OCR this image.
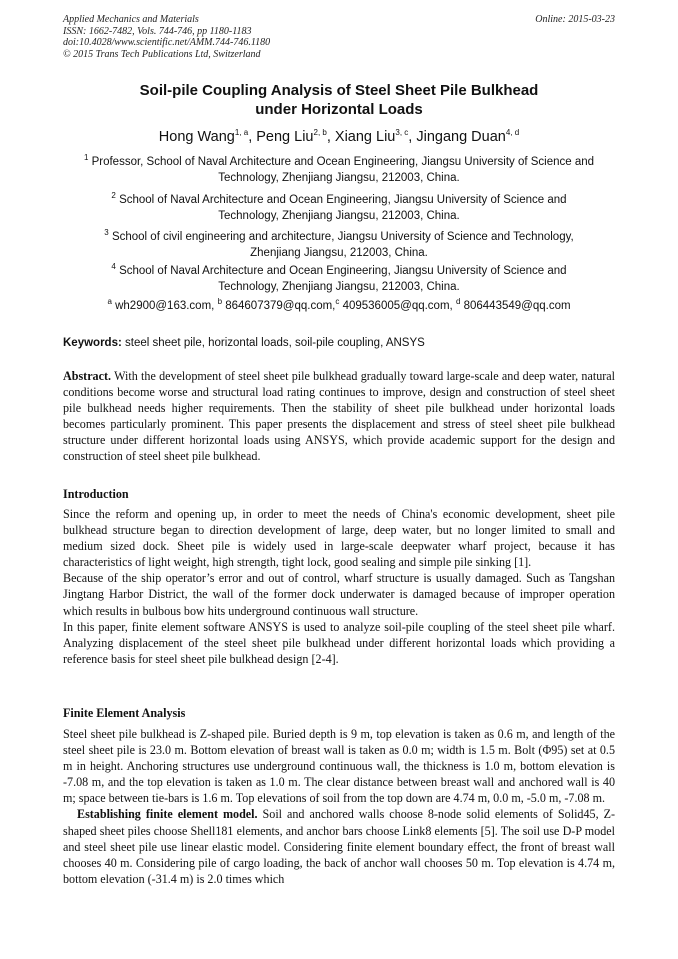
Applied Mechanics and Materials
ISSN: 1662-7482, Vols. 744-746, pp 1180-1183
doi:10.4028/www.scientific.net/AMM.744-746.1180
© 2015 Trans Tech Publications Ltd, Switzerland
Online: 2015-03-23
Soil-pile Coupling Analysis of Steel Sheet Pile Bulkhead
under Horizontal Loads
Hong Wang$^{1, a}$, Peng Liu$^{2, b}$, Xiang Liu$^{3, c}$, Jingang Duan$^{4, d}$
$^1$ Professor, School of Naval Architecture and Ocean Engineering, Jiangsu University of Science and
Technology, Zhenjiang Jiangsu, 212003, China.
$^2$ School of Naval Architecture and Ocean Engineering, Jiangsu University of Science and
Technology, Zhenjiang Jiangsu, 212003, China.
$^3$ School of civil engineering and architecture, Jiangsu University of Science and Technology,
Zhenjiang Jiangsu, 212003, China.
$^4$ School of Naval Architecture and Ocean Engineering, Jiangsu University of Science and
Technology, Zhenjiang Jiangsu, 212003, China.
$^a$ wh2900@163.com, $^b$ 864607379@qq.com,$^c$ 409536005@qq.com, $^d$ 806443549@qq.com
Keywords: steel sheet pile, horizontal loads, soil-pile coupling, ANSYS

Abstract. With the development of steel sheet pile bulkhead gradually toward large-scale and deep water, natural conditions become worse and structural load rating continues to improve, design and construction of steel sheet pile bulkhead needs higher requirements. Then the stability of sheet pile bulkhead under horizontal loads becomes particularly prominent. This paper presents the displacement and stress of steel sheet pile bulkhead structure under different horizontal loads using ANSYS, which provide academic support for the design and construction of steel sheet pile bulkhead.

Introduction

Since the reform and opening up, in order to meet the needs of China's economic development, sheet pile bulkhead structure began to direction development of large, deep water, but no longer limited to small and medium sized dock. Sheet pile is widely used in large-scale deepwater wharf project, because it has characteristics of light weight, high strength, tight lock, good sealing and simple pile sinking [1].

Because of the ship operator’s error and out of control, wharf structure is usually damaged. Such as Tangshan Jingtang Harbor District, the wall of the former dock underwater is damaged because of improper operation which results in bulbous bow hits underground continuous wall structure.

In this paper, finite element software ANSYS is used to analyze soil-pile coupling of the steel sheet pile wharf. Analyzing displacement of the steel sheet pile bulkhead under different horizontal loads which providing a reference basis for steel sheet pile bulkhead design [2-4].

Finite Element Analysis

Steel sheet pile bulkhead is Z-shaped pile. Buried depth is 9 m, top elevation is taken as 0.6 m, and length of the steel sheet pile is 23.0 m. Bottom elevation of breast wall is taken as 0.0 m; width is 1.5 m. Bolt (Φ95) set at 0.5 m in height. Anchoring structures use underground continuous wall, the thickness is 1.0 m, bottom elevation is -7.08 m, and the top elevation is taken as 1.0 m. The clear distance between breast wall and anchored wall is 40 m; space between tie-bars is 1.6 m. Top elevations of soil from the top down are 4.74 m, 0.0 m, -5.0 m, -7.08 m.

Establishing finite element model. Soil and anchored walls choose 8-node solid elements of Solid45, Z-shaped sheet piles choose Shell181 elements, and anchor bars choose Link8 elements [5]. The soil use D-P model and steel sheet pile use linear elastic model. Considering finite element boundary effect, the front of breast wall chooses 40 m. Considering pile of cargo loading, the back of anchor wall chooses 50 m. Top elevation is 4.74 m, bottom elevation (-31.4 m) is 2.0 times which
